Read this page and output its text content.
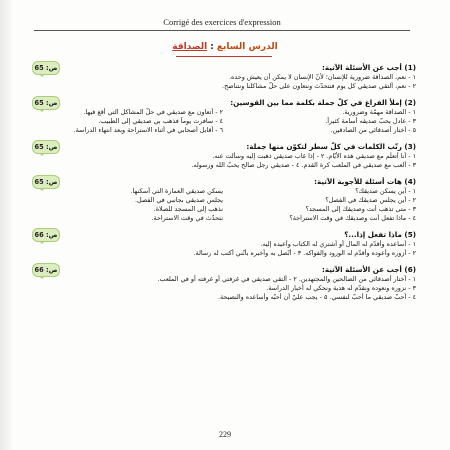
Corrigé des exercices d'expression
الدرس السابع:الصداقة
(1) أجب عن الأسئلة الآتية:
ص: 65
١ - نعم، الصداقة ضرورية للإنسان؛ لأنّ الإنسان لا يمكن أن يعيش وحده.
٢ - نعم، ألتقي صديقي كل يوم فنتحدّث ونتعاون على حلّ مشاكلنا ونتناصح.
(2) إملأ الفراغ في كلّ جملة بكلمة مما بين القوسين:
ص: 65
١ - الصداقة مهمّة وضرورية.
٢ - أتعاون مع صديقي في حلّ المشاكل التي أقع فيها.
٣ - عادل يحبّ صديقه أسامة كثيراً.
٤ - سافرت يوماً فذهب بي صديقي إلى الطبيب.
٥ - أختار أصدقائي من الصادقين.
٦ - أقابل أصحابي في أثناء الاستراحة وبعد انتهاء الدراسة.
(3) رتّب الكلمات في كلّ سطر لتكوّن منها جملة:
ص: 65
١ - أنا أتعلّم مع صديقي هذه الأيّام. ٢ - إذا غاب صديقي ذهبت إليه وسألت عنه.
٣ - ألعب مع صديقي في الملعب كرة القدم. ٤ - صديقي رجل صالح يحبّ الله ورسوله.
(4) هات أسئلة للأجوبة الآتية:
ص: 65
١ - أين يسكن صديقك؟
يسكن صديقي العمارة التي أسكنها.
٢ - أين يجلس صديقك في الفصل؟
يجلس صديقي بجانبي في الفصل.
٣ - متى تذهب أنت وصديقك إلى المسجد؟
نذهب إلى المسجد للصلاة.
٤ - ماذا تفعل أنت وصديقك في وقت الاستراحة؟
نتحدّث في وقت الاستراحة.
(5) ماذا تفعل إذا...؟
ص: 66
١ - أساعده وأقدّم له المال أو أشتري له الكتاب وأعيده إليه.
٢ - أزوره وأعوده وأقدّم له الورود والفواكه. ٣ - أتّصل به وأخبره بأنّني أكتب له رسالة.
(6) أجب عن الأسئلة الآتية:
ص: 66
١ - أختار أصدقائي من الصالحين والمجتهدين. ٢ - ألتقي صديقي في غرفتي أو غرفته أو في الملعب.
٣ - نزوره ونعوده ونقدّم له هدية ونحكي له أخبار الدراسة.
٤ - أحبّ صديقي ما أحبّ لنفسي. ٥ - يجب عليّ أن أحبّه وأساعده والنصيحة.
229
